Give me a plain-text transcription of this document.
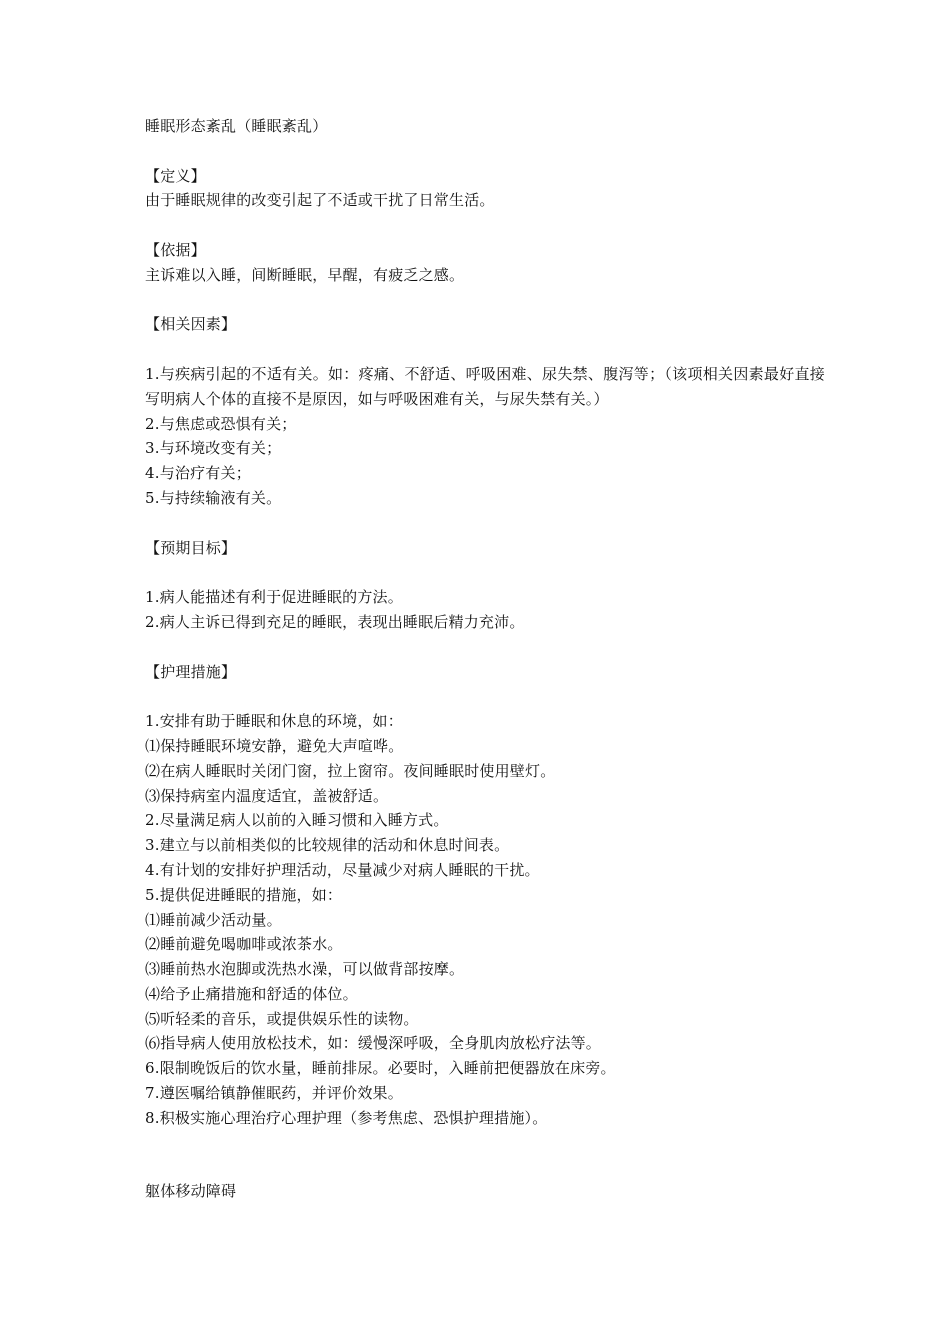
睡眠形态紊乱（睡眠紊乱）
【定义】
由于睡眠规律的改变引起了不适或干扰了日常生活。
【依据】
主诉难以入睡，间断睡眠，早醒，有疲乏之感。
【相关因素】
1.与疾病引起的不适有关。如：疼痛、不舒适、呼吸困难、尿失禁、腹泻等；（该项相关因素最好直接写明病人个体的直接不是原因，如与呼吸困难有关，与尿失禁有关。）
2.与焦虑或恐惧有关；
3.与环境改变有关；
4.与治疗有关；
5.与持续输液有关。
【预期目标】
1.病人能描述有利于促进睡眠的方法。
2.病人主诉已得到充足的睡眠，表现出睡眠后精力充沛。
【护理措施】
1.安排有助于睡眠和休息的环境，如：
⑴保持睡眠环境安静，避免大声喧哗。
⑵在病人睡眠时关闭门窗，拉上窗帘。夜间睡眠时使用壁灯。
⑶保持病室内温度适宜，盖被舒适。
2.尽量满足病人以前的入睡习惯和入睡方式。
3.建立与以前相类似的比较规律的活动和休息时间表。
4.有计划的安排好护理活动，尽量减少对病人睡眠的干扰。
5.提供促进睡眠的措施，如：
⑴睡前减少活动量。
⑵睡前避免喝咖啡或浓茶水。
⑶睡前热水泡脚或洗热水澡，可以做背部按摩。
⑷给予止痛措施和舒适的体位。
⑸听轻柔的音乐，或提供娱乐性的读物。
⑹指导病人使用放松技术，如：缓慢深呼吸，全身肌肉放松疗法等。
6.限制晚饭后的饮水量，睡前排尿。必要时，入睡前把便器放在床旁。
7.遵医嘱给镇静催眠药，并评价效果。
8.积极实施心理治疗心理护理（参考焦虑、恐惧护理措施）。
躯体移动障碍
